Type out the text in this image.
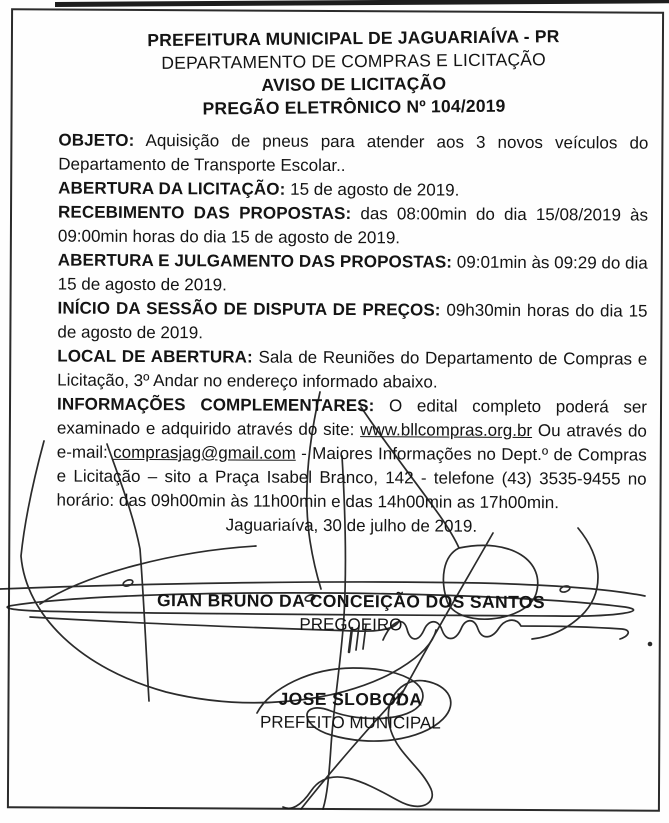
PREFEITURA MUNICIPAL DE JAGUARIAÍVA - PR
DEPARTAMENTO DE COMPRAS E LICITAÇÃO
AVISO DE LICITAÇÃO
PREGÃO ELETRÔNICO Nº 104/2019

OBJETO: Aquisição de pneus para atender aos 3 novos veículos do Departamento de Transporte Escolar..

ABERTURA DA LICITAÇÃO: 15 de agosto de 2019.

RECEBIMENTO DAS PROPOSTAS: das 08:00min do dia 15/08/2019 às 09:00min horas do dia 15 de agosto de 2019.

ABERTURA E JULGAMENTO DAS PROPOSTAS: 09:01min às 09:29 do dia 15 de agosto de 2019.

INÍCIO DA SESSÃO DE DISPUTA DE PREÇOS: 09h30min horas do dia 15 de agosto de 2019.

LOCAL DE ABERTURA: Sala de Reuniões do Departamento de Compras e Licitação, 3º Andar no endereço informado abaixo.

INFORMAÇÕES COMPLEMENTARES: O edital completo poderá ser examinado e adquirido através do site: www.bllcompras.org.br Ou através do e-mail: comprasjag@gmail.com - Maiores Informações no Dept.º de Compras e Licitação – sito a Praça Isabel Branco, 142 - telefone (43) 3535-9455 no horário: das 09h00min às 11h00min e das 14h00min as 17h00min.

Jaguariaíva, 30 de julho de 2019.

GIAN BRUNO DA CONCEIÇÃO DOS SANTOS
PREGOEIRO
JOSE SLOBODA
PREFEITO MUNICIPAL
